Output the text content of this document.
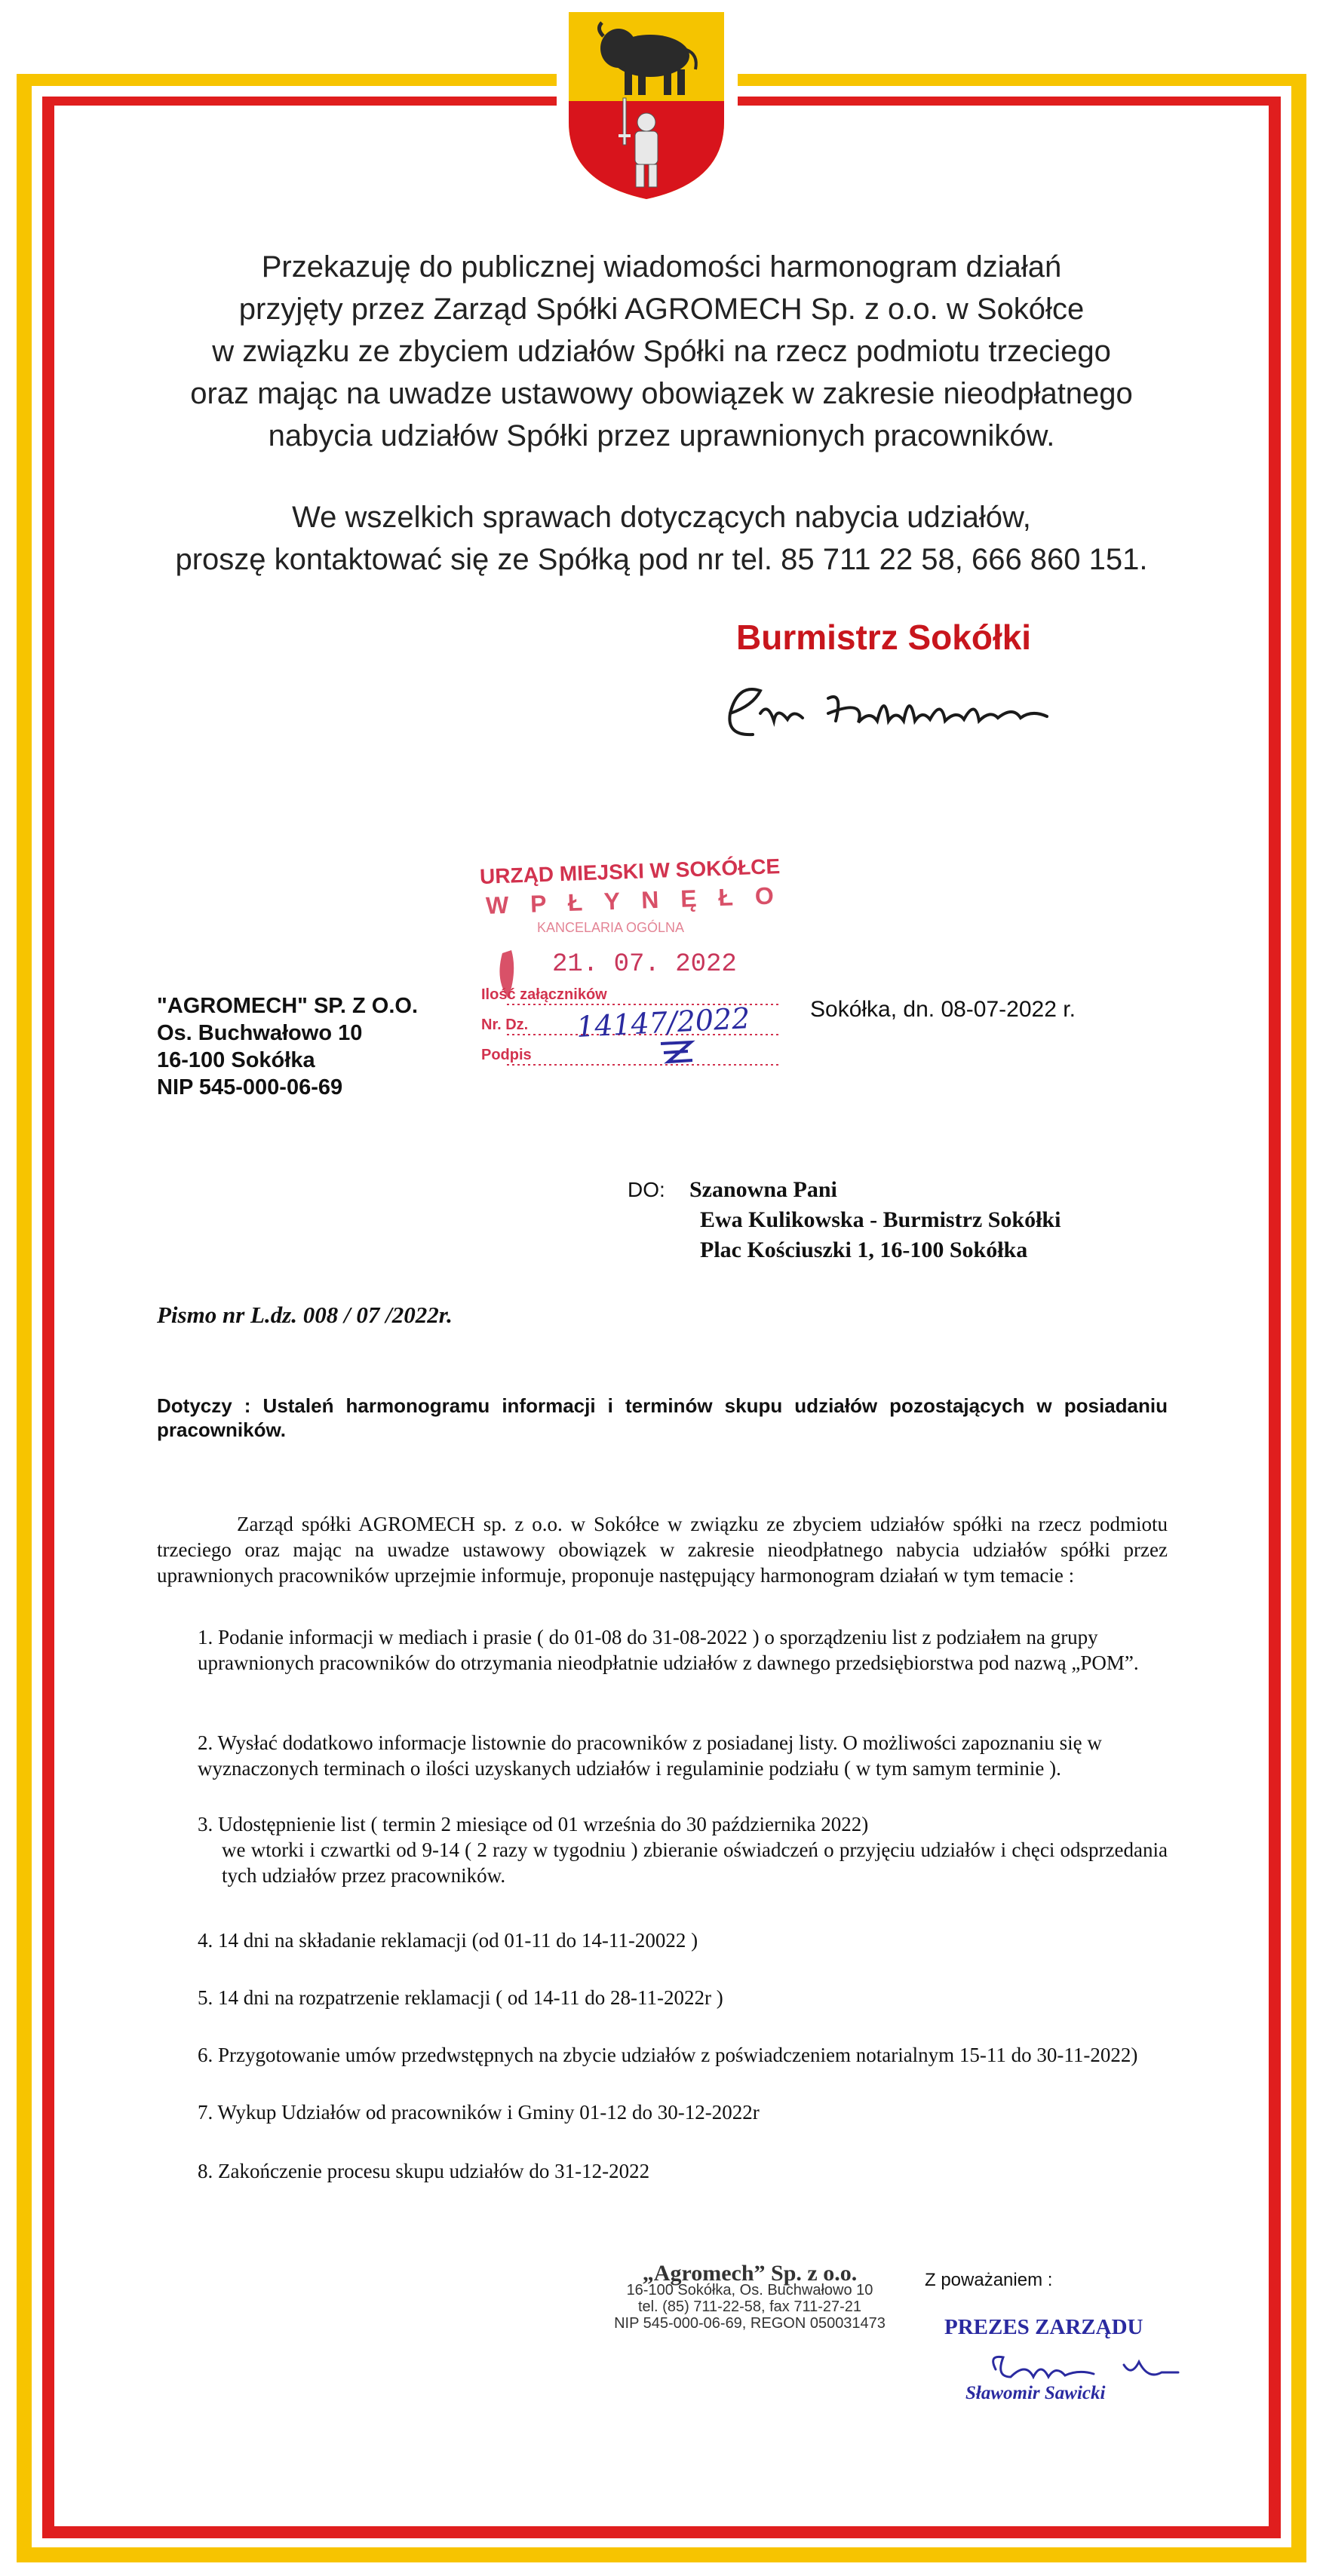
Przekazuję do publicznej wiadomości harmonogram działań
przyjęty przez Zarząd Spółki AGROMECH Sp. z o.o. w Sokółce
w związku ze zbyciem udziałów Spółki na rzecz podmiotu trzeciego
oraz mając na uwadze ustawowy obowiązek w zakresie nieodpłatnego
nabycia udziałów Spółki przez uprawnionych pracowników.
We wszelkich sprawach dotyczących nabycia udziałów,
proszę kontaktować się ze Spółką pod nr tel. 85 711 22 58, 666 860 151.
Burmistrz Sokółki
URZĄD MIEJSKI W SOKÓŁCE
W P Ł Y N Ę Ł O
KANCELARIA OGÓLNA
21. 07. 2022
Ilość załączników
Nr. Dz. 14147/2022
Podpis
"AGROMECH" SP. Z O.O.
Os. Buchwałowo 10
16-100 Sokółka
NIP 545-000-06-69
Sokółka, dn. 08-07-2022 r.
DO: Szanowna Pani
Ewa Kulikowska - Burmistrz Sokółki
Plac Kościuszki 1, 16-100 Sokółka
Pismo nr L.dz. 008 / 07 /2022r.
Dotyczy : Ustaleń harmonogramu informacji i terminów skupu udziałów pozostających w posiadaniu pracowników.
Zarząd spółki AGROMECH sp. z o.o. w Sokółce w związku ze zbyciem udziałów spółki na rzecz podmiotu trzeciego oraz mając na uwadze ustawowy obowiązek w zakresie nieodpłatnego nabycia udziałów spółki przez uprawnionych pracowników uprzejmie informuje, proponuje następujący harmonogram działań w tym temacie :
1. Podanie informacji w mediach i prasie ( do 01-08 do 31-08-2022 ) o sporządzeniu list z podziałem na grupy uprawnionych pracowników do otrzymania nieodpłatnie udziałów z dawnego przedsiębiorstwa pod nazwą „POM”.
2. Wysłać dodatkowo informacje listownie do pracowników z posiadanej listy. O możliwości zapoznaniu się w wyznaczonych terminach o ilości uzyskanych udziałów i regulaminie podziału ( w tym samym terminie ).
3. Udostępnienie list ( termin 2 miesiące od 01 września do 30 października 2022)
we wtorki i czwartki od 9-14 ( 2 razy w tygodniu ) zbieranie oświadczeń o przyjęciu udziałów i chęci odsprzedania tych udziałów przez pracowników.
4. 14 dni na składanie reklamacji (od 01-11 do 14-11-20022 )
5. 14 dni na rozpatrzenie reklamacji ( od 14-11 do 28-11-2022r )
6. Przygotowanie umów przedwstępnych na zbycie udziałów z poświadczeniem notarialnym 15-11 do 30-11-2022)
7. Wykup Udziałów od pracowników i Gminy 01-12 do 30-12-2022r
8. Zakończenie procesu skupu udziałów do 31-12-2022
„Agromech” Sp. z o.o.
16-100 Sokółka, Os. Buchwałowo 10
tel. (85) 711-22-58, fax 711-27-21
NIP 545-000-06-69, REGON 050031473
Z poważaniem :
PREZES ZARZĄDU
Sławomir Sawicki
